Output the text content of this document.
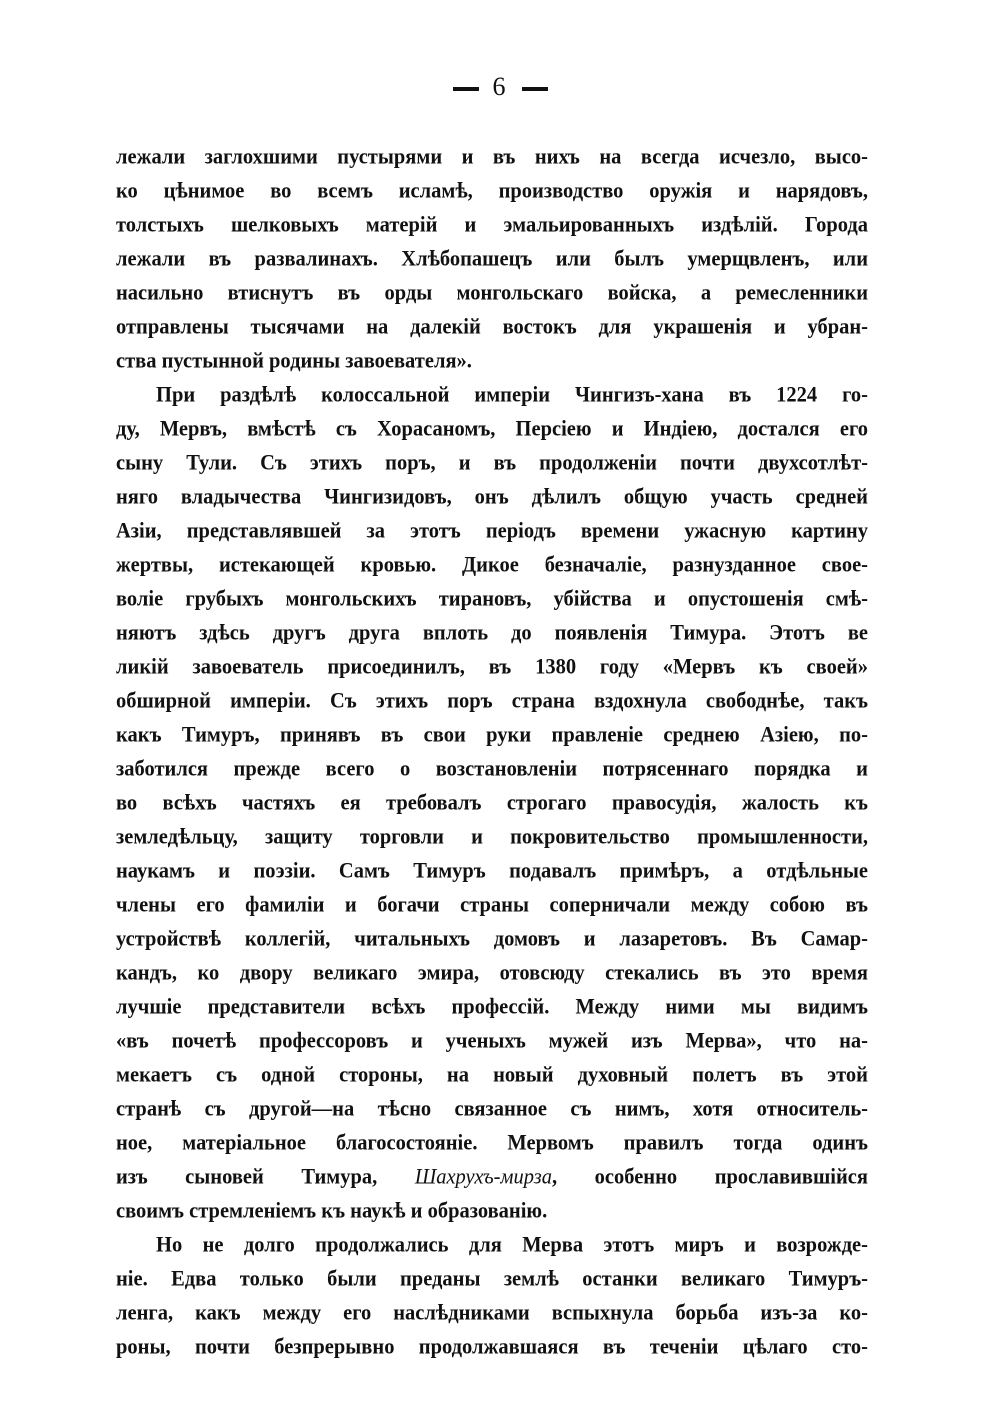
6
лежали заглохшими пустырями и въ нихъ на всегда исчезло, высо-
ко цѣнимое во всемъ исламѣ, производство оружія и нарядовъ,
толстыхъ шелковыхъ матерій и эмальированныхъ издѣлій. Города
лежали въ развалинахъ. Хлѣбопашецъ или былъ умерщвленъ, или
насильно втиснутъ въ орды монгольскаго войска, а ремесленники
отправлены тысячами на далекій востокъ для украшенія и убран-
ства пустынной родины завоевателя».
При раздѣлѣ колоссальной имперіи Чингизъ-хана въ 1224 го-
ду, Мервъ, вмѣстѣ съ Хорасаномъ, Персіею и Индіею, достался его
сыну Тули. Съ этихъ поръ, и въ продолженіи почти двухсотлѣт-
няго владычества Чингизидовъ, онъ дѣлилъ общую участь средней
Азіи, представлявшей за этотъ періодъ времени ужасную картину
жертвы, истекающей кровью. Дикое безначаліе, разнузданное свое-
воліе грубыхъ монгольскихъ тирановъ, убійства и опустошенія смѣ-
няютъ здѣсь другъ друга вплоть до появленія Тимура. Этотъ ве
ликій завоеватель присоединилъ, въ 1380 году «Мервъ къ своей»
обширной имперіи. Съ этихъ поръ страна вздохнула свободнѣе, такъ
какъ Тимуръ, принявъ въ свои руки правленіе среднею Азіею, по-
заботился прежде всего о возстановленіи потрясеннаго порядка и
во всѣхъ частяхъ ея требовалъ строгаго правосудія, жалость къ
земледѣльцу, защиту торговли и покровительство промышленности,
наукамъ и поэзіи. Самъ Тимуръ подавалъ примѣръ, а отдѣльные
члены его фамиліи и богачи страны соперничали между собою въ
устройствѣ коллегій, читальныхъ домовъ и лазаретовъ. Въ Самар-
кандъ, ко двору великаго эмира, отовсюду стекались въ это время
лучшіе представители всѣхъ профессій. Между ними мы видимъ
«въ почетѣ профессоровъ и ученыхъ мужей изъ Мерва», что на-
мекаетъ съ одной стороны, на новый духовный полетъ въ этой
странѣ съ другой—на тѣсно связанное съ нимъ, хотя относитель-
ное, матеріальное благосостояніе. Мервомъ правилъ тогда одинъ
изъ сыновей Тимура, Шахрухъ-мирза, особенно прославившійся
своимъ стремленіемъ къ наукѣ и образованію.
Но не долго продолжались для Мерва этотъ миръ и возрожде-
ніе. Едва только были преданы землѣ останки великаго Тимуръ-
ленга, какъ между его наслѣдниками вспыхнула борьба изъ-за ко-
роны, почти безпрерывно продолжавшаяся въ теченіи цѣлаго сто-
